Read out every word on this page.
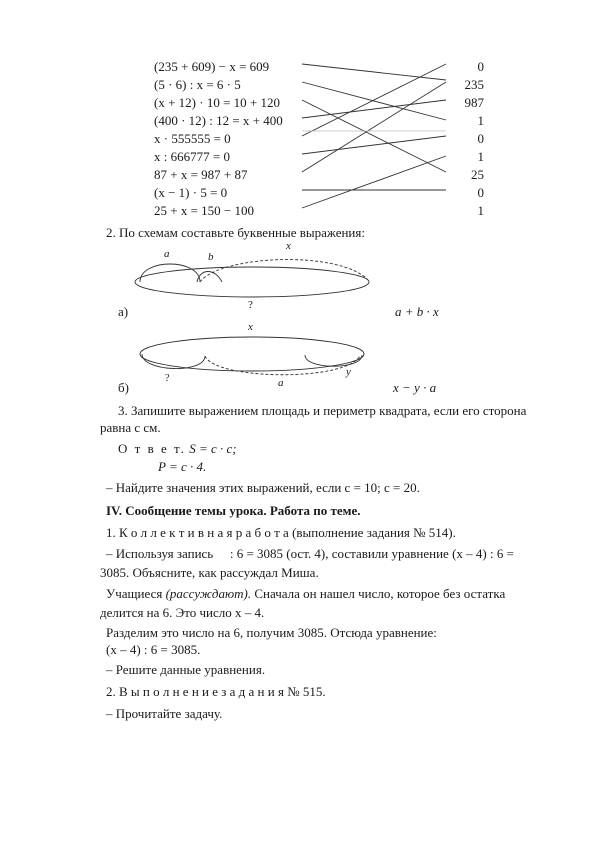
(235 + 609) − x = 609
(5 · 6) : x = 6 · 5
(x + 12) · 10 = 10 + 120
(400 · 12) : 12 = x + 400
x · 555555 = 0
x : 666777 = 0
87 + x = 987 + 87
(x − 1) · 5 = 0
25 + x = 150 − 100
0
235
987
1
0
1
25
0
1
2. По схемам составьте буквенные выражения:
a	b
x
?
а)	a + b · x
x
?	a
y
б)	x − y · a
3. Запишите выражением площадь и периметр квадрата, если его сторона
равна c см.
О т в е т. S = c · c;
P = c · 4.
– Найдите значения этих выражений, если c = 10; c = 20.
IV. Сообщение темы урока. Работа по теме.
1. К о л л е к т и в н а я р а б о т а (выполнение задания № 514).
– Используя запись ⃞ : 6 = 3085 (ост. 4), составили уравнение (x – 4) : 6 =
3085. Объясните, как рассуждал Миша.
Учащиеся (рассуждают). Сначала он нашел число, которое без остатка
делится на 6. Это число x – 4.
Разделим это число на 6, получим 3085. Отсюда уравнение:
(x – 4) : 6 = 3085.
– Решите данные уравнения.
2. В ы п о л н е н и е з а д а н и я № 515.
– Прочитайте задачу.
